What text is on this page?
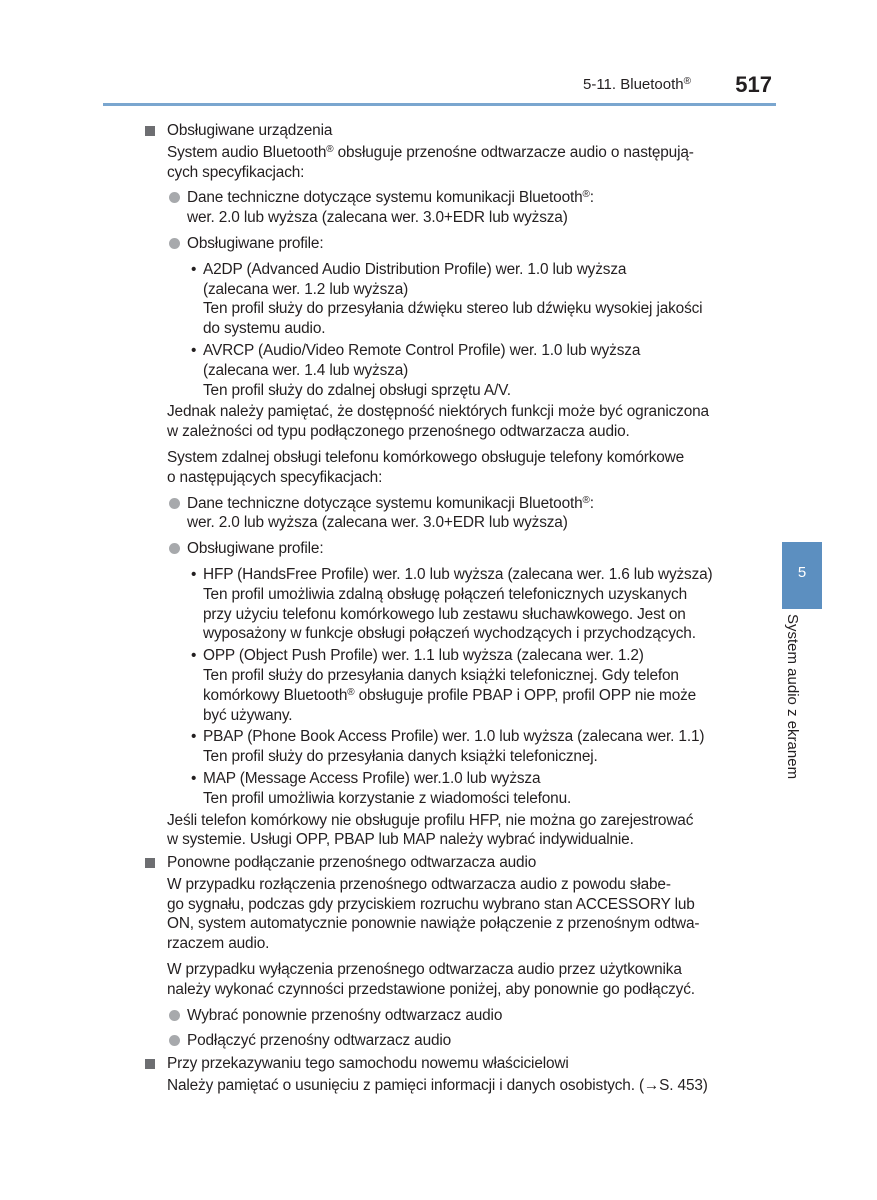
5-11. Bluetooth® 517
5
System audio z ekranem
Obsługiwane urządzenia
System audio Bluetooth® obsługuje przenośne odtwarzacze audio o następują-
cych specyfikacjach:
Dane techniczne dotyczące systemu komunikacji Bluetooth®:
wer. 2.0 lub wyższa (zalecana wer. 3.0+EDR lub wyższa)
Obsługiwane profile:
• A2DP (Advanced Audio Distribution Profile) wer. 1.0 lub wyższa
(zalecana wer. 1.2 lub wyższa)
Ten profil służy do przesyłania dźwięku stereo lub dźwięku wysokiej jakości
do systemu audio.
• AVRCP (Audio/Video Remote Control Profile) wer. 1.0 lub wyższa
(zalecana wer. 1.4 lub wyższa)
Ten profil służy do zdalnej obsługi sprzętu A/V.
Jednak należy pamiętać, że dostępność niektórych funkcji może być ograniczona
w zależności od typu podłączonego przenośnego odtwarzacza audio.
System zdalnej obsługi telefonu komórkowego obsługuje telefony komórkowe
o następujących specyfikacjach:
Dane techniczne dotyczące systemu komunikacji Bluetooth®:
wer. 2.0 lub wyższa (zalecana wer. 3.0+EDR lub wyższa)
Obsługiwane profile:
• HFP (HandsFree Profile) wer. 1.0 lub wyższa (zalecana wer. 1.6 lub wyższa)
Ten profil umożliwia zdalną obsługę połączeń telefonicznych uzyskanych
przy użyciu telefonu komórkowego lub zestawu słuchawkowego. Jest on
wyposażony w funkcje obsługi połączeń wychodzących i przychodzących.
• OPP (Object Push Profile) wer. 1.1 lub wyższa (zalecana wer. 1.2)
Ten profil służy do przesyłania danych książki telefonicznej. Gdy telefon
komórkowy Bluetooth® obsługuje profile PBAP i OPP, profil OPP nie może
być używany.
• PBAP (Phone Book Access Profile) wer. 1.0 lub wyższa (zalecana wer. 1.1)
Ten profil służy do przesyłania danych książki telefonicznej.
• MAP (Message Access Profile) wer.1.0 lub wyższa
Ten profil umożliwia korzystanie z wiadomości telefonu.
Jeśli telefon komórkowy nie obsługuje profilu HFP, nie można go zarejestrować
w systemie. Usługi OPP, PBAP lub MAP należy wybrać indywidualnie.
Ponowne podłączanie przenośnego odtwarzacza audio
W przypadku rozłączenia przenośnego odtwarzacza audio z powodu słabe-
go sygnału, podczas gdy przyciskiem rozruchu wybrano stan ACCESSORY lub
ON, system automatycznie ponownie nawiąże połączenie z przenośnym odtwa-
rzaczem audio.
W przypadku wyłączenia przenośnego odtwarzacza audio przez użytkownika
należy wykonać czynności przedstawione poniżej, aby ponownie go podłączyć.
Wybrać ponownie przenośny odtwarzacz audio
Podłączyć przenośny odtwarzacz audio
Przy przekazywaniu tego samochodu nowemu właścicielowi
Należy pamiętać o usunięciu z pamięci informacji i danych osobistych. (→S. 453)
